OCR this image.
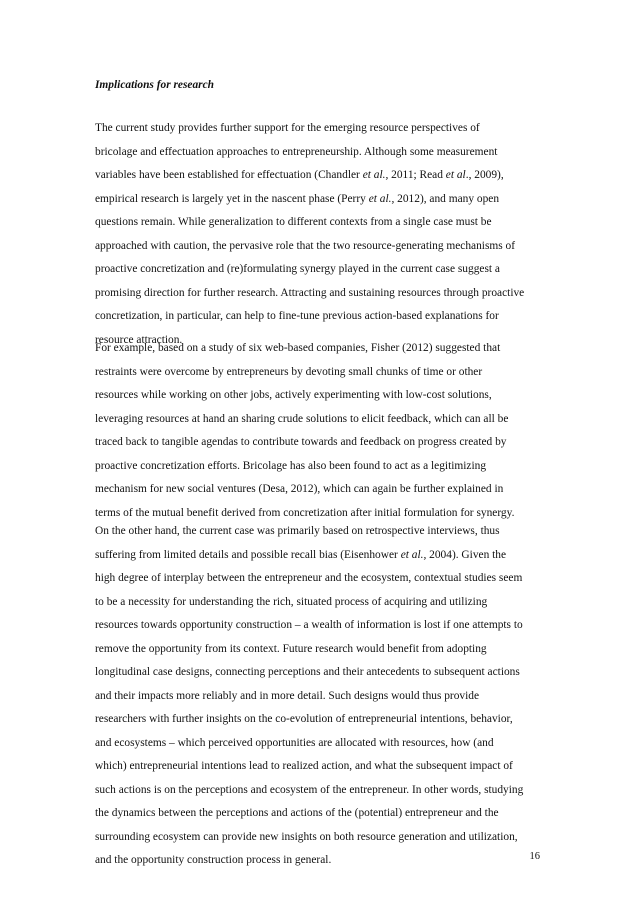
Implications for research
The current study provides further support for the emerging resource perspectives of
bricolage and effectuation approaches to entrepreneurship. Although some measurement
variables have been established for effectuation (Chandler et al., 2011; Read et al., 2009),
empirical research is largely yet in the nascent phase (Perry et al., 2012), and many open
questions remain. While generalization to different contexts from a single case must be
approached with caution, the pervasive role that the two resource-generating mechanisms of
proactive concretization and (re)formulating synergy played in the current case suggest a
promising direction for further research. Attracting and sustaining resources through proactive
concretization, in particular, can help to fine-tune previous action-based explanations for
resource attraction.
For example, based on a study of six web-based companies, Fisher (2012) suggested that
restraints were overcome by entrepreneurs by devoting small chunks of time or other
resources while working on other jobs, actively experimenting with low-cost solutions,
leveraging resources at hand an sharing crude solutions to elicit feedback, which can all be
traced back to tangible agendas to contribute towards and feedback on progress created by
proactive concretization efforts. Bricolage has also been found to act as a legitimizing
mechanism for new social ventures (Desa, 2012), which can again be further explained in
terms of the mutual benefit derived from concretization after initial formulation for synergy.
On the other hand, the current case was primarily based on retrospective interviews, thus
suffering from limited details and possible recall bias (Eisenhower et al., 2004). Given the
high degree of interplay between the entrepreneur and the ecosystem, contextual studies seem
to be a necessity for understanding the rich, situated process of acquiring and utilizing
resources towards opportunity construction – a wealth of information is lost if one attempts to
remove the opportunity from its context. Future research would benefit from adopting
longitudinal case designs, connecting perceptions and their antecedents to subsequent actions
and their impacts more reliably and in more detail. Such designs would thus provide
researchers with further insights on the co-evolution of entrepreneurial intentions, behavior,
and ecosystems – which perceived opportunities are allocated with resources, how (and
which) entrepreneurial intentions lead to realized action, and what the subsequent impact of
such actions is on the perceptions and ecosystem of the entrepreneur. In other words, studying
the dynamics between the perceptions and actions of the (potential) entrepreneur and the
surrounding ecosystem can provide new insights on both resource generation and utilization,
and the opportunity construction process in general.	16
